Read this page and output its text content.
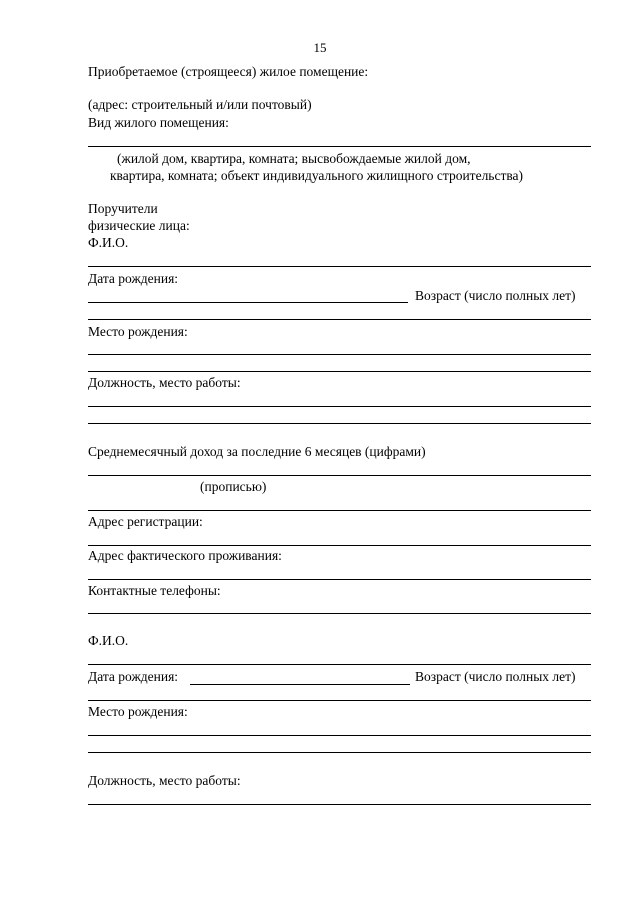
15
Приобретаемое (строящееся) жилое помещение:
(адрес: строительный и/или почтовый)
Вид жилого помещения:
(жилой дом, квартира, комната; высвобождаемые жилой дом,
квартира, комната; объект индивидуального жилищного строительства)
Поручители
физические лица:
Ф.И.О.
Дата рождения:
Возраст (число полных лет)
Место рождения:
Должность, место работы:
Среднемесячный доход за последние 6 месяцев (цифрами)
(прописью)
Адрес регистрации:
Адрес фактического проживания:
Контактные телефоны:
Ф.И.О.
Дата рождения:	Возраст (число полных лет)
Место рождения:
Должность, место работы:
